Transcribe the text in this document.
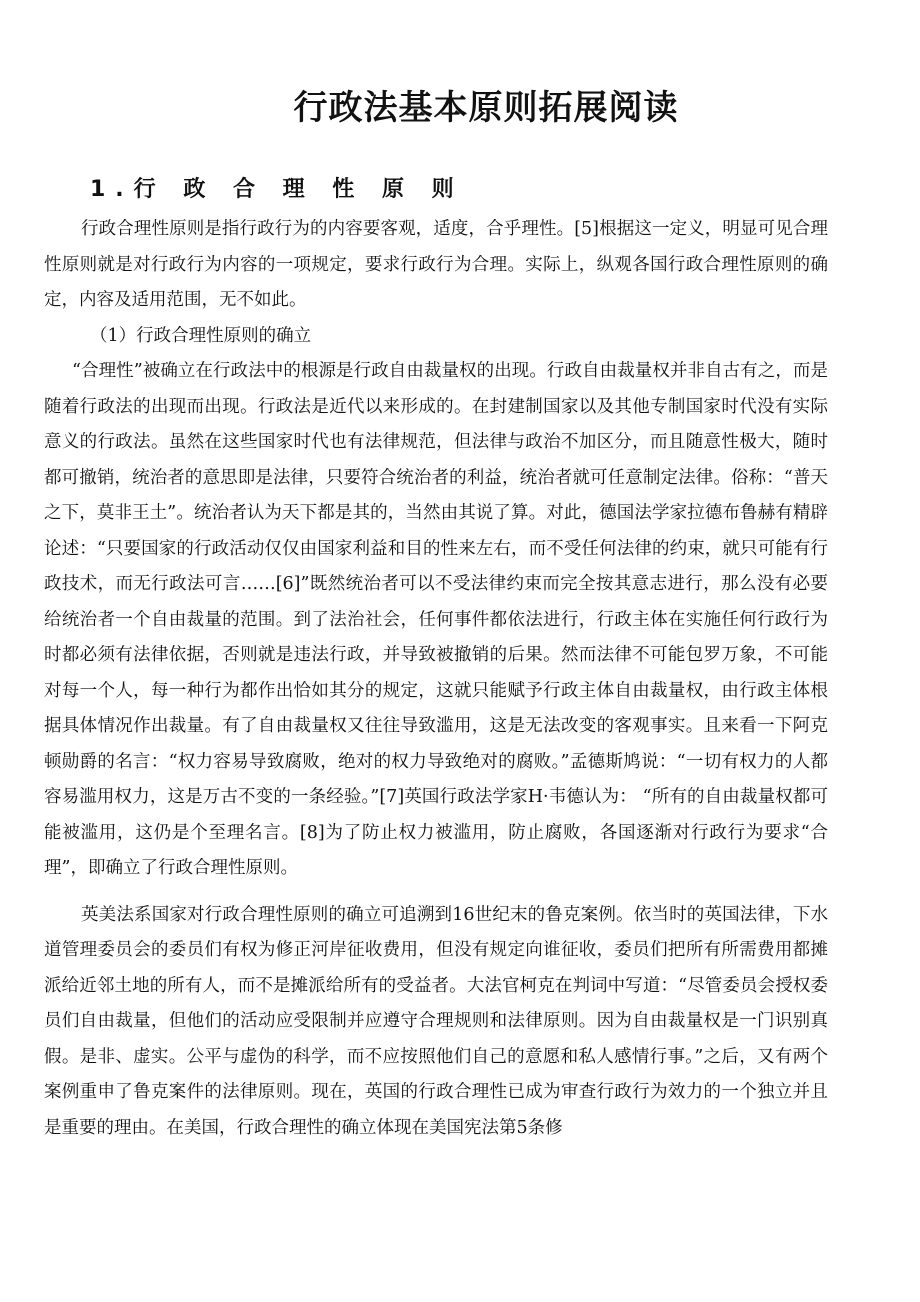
行政法基本原则拓展阅读
1.行 政 合 理 性 原 则

行政合理性原则是指行政行为的内容要客观，适度，合乎理性。[5]根据这一定义，明显可见合理性原则就是对行政行为内容的一项规定，要求行政行为合理。实际上，纵观各国行政合理性原则的确定，内容及适用范围，无不如此。

（1）行政合理性原则的确立

“合理性”被确立在行政法中的根源是行政自由裁量权的出现。行政自由裁量权并非自古有之，而是随着行政法的出现而出现。行政法是近代以来形成的。在封建制国家以及其他专制国家时代没有实际意义的行政法。虽然在这些国家时代也有法律规范，但法律与政治不加区分，而且随意性极大，随时都可撤销，统治者的意思即是法律，只要符合统治者的利益，统治者就可任意制定法律。俗称：“普天之下，莫非王土”。统治者认为天下都是其的，当然由其说了算。对此，德国法学家拉德布鲁赫有精辟论述：“只要国家的行政活动仅仅由国家利益和目的性来左右，而不受任何法律的约束，就只可能有行政技术，而无行政法可言……[6]”既然统治者可以不受法律约束而完全按其意志进行，那么没有必要给统治者一个自由裁量的范围。到了法治社会，任何事件都依法进行，行政主体在实施任何行政行为时都必须有法律依据，否则就是违法行政，并导致被撤销的后果。然而法律不可能包罗万象，不可能对每一个人，每一种行为都作出恰如其分的规定，这就只能赋予行政主体自由裁量权，由行政主体根据具体情况作出裁量。有了自由裁量权又往往导致滥用，这是无法改变的客观事实。且来看一下阿克顿勋爵的名言：“权力容易导致腐败，绝对的权力导致绝对的腐败。”孟德斯鸠说：“一切有权力的人都容易滥用权力，这是万古不变的一条经验。”[7]英国行政法学家H·韦德认为： “所有的自由裁量权都可能被滥用，这仍是个至理名言。[8]为了防止权力被滥用，防止腐败，各国逐渐对行政行为要求“合理”，即确立了行政合理性原则。

英美法系国家对行政合理性原则的确立可追溯到16世纪末的鲁克案例。依当时的英国法律，下水道管理委员会的委员们有权为修正河岸征收费用，但没有规定向谁征收，委员们把所有所需费用都摊派给近邻土地的所有人，而不是摊派给所有的受益者。大法官柯克在判词中写道：“尽管委员会授权委员们自由裁量，但他们的活动应受限制并应遵守合理规则和法律原则。因为自由裁量权是一门识别真假。是非、虚实。公平与虚伪的科学，而不应按照他们自己的意愿和私人感情行事。”之后，又有两个案例重申了鲁克案件的法律原则。现在，英国的行政合理性已成为审查行政行为效力的一个独立并且是重要的理由。在美国，行政合理性的确立体现在美国宪法第5条修
